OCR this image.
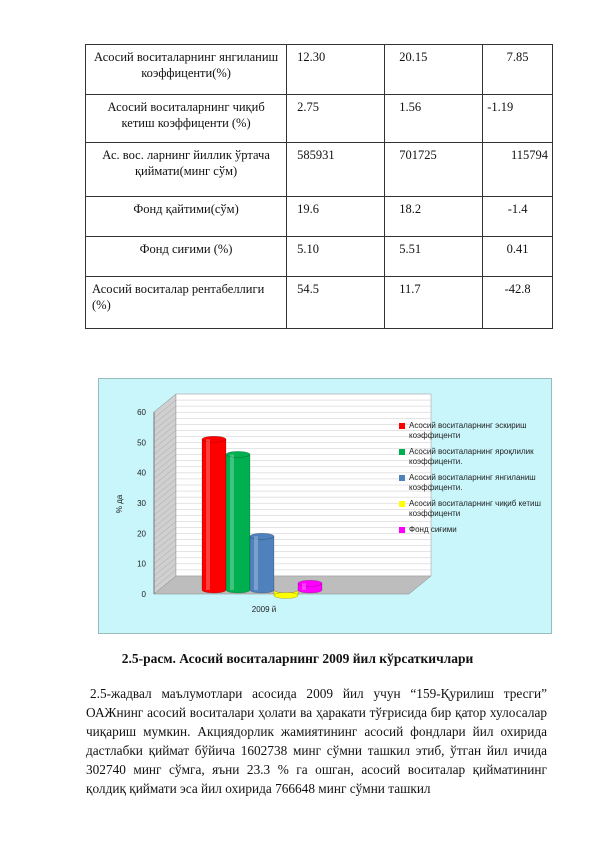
Асосий воситаларнинг янгиланиш коэффиценти(%)	12.30	20.15	7.85
Асосий воситаларнинг чиқиб кетиш коэффиценти (%)	2.75	1.56	-1.19
Ас. вос. ларнинг йиллик ўртача қиймати(минг сўм)	585931	701725	115794
Фонд қайтими(сўм)	19.6	18.2	-1.4
Фонд сиғими (%)	5.10	5.51	0.41
Асосий воситалар рентабеллиги (%)	54.5	11.7	-42.8
0
10
20
30
40
50
60
% да
2009 й
Асосий воситаларнинг эскириш коэффиценти
Асосий воситаларнинг яроқлилик коэффиценти.
Асосий воситаларнинг янгиланиш коэффиценти.
Асосий воситаларнинг чиқиб кетиш коэффиценти
Фонд сиғими
2.5-расм. Асосий воситаларнинг 2009 йил кўрсаткичлари
2.5-жадвал маълумотлари асосида 2009 йил учун “159-Қурилиш тресги” ОАЖнинг асосий воситалари ҳолати ва ҳаракати тўғрисида бир қатор хулосалар чиқариш мумкин. Акциядорлик жамиятининг асосий фондлари йил охирида дастлабки қиймат бўйича 1602738 минг сўмни ташкил этиб, ўтган йил ичида 302740 минг сўмга, яъни 23.3 % га ошган, асосий воситалар қийматининг қолдиқ қиймати эса йил охирида 766648 минг сўмни ташкил
